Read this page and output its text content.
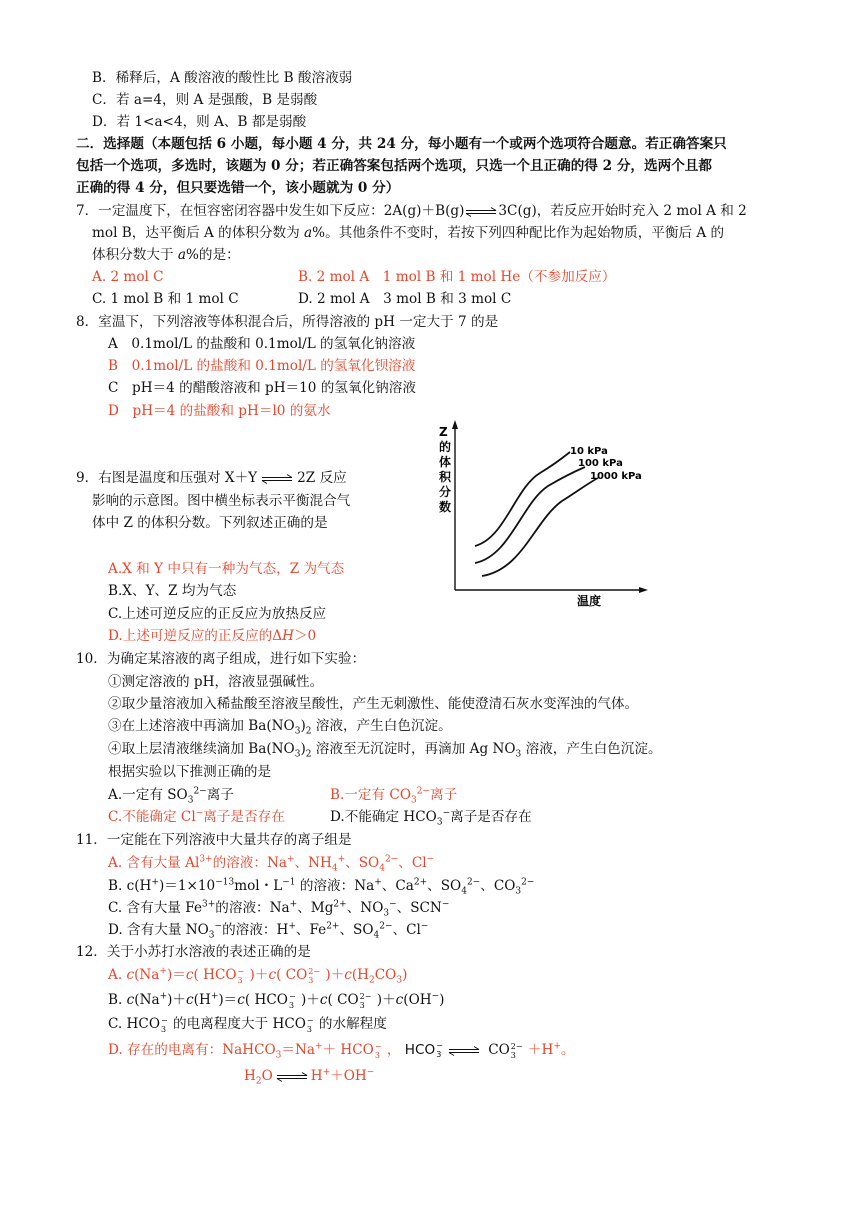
B．稀释后，A 酸溶液的酸性比 B 酸溶液弱
C．若 a=4，则 A 是强酸，B 是弱酸
D．若 1<a<4，则 A、B 都是弱酸
二．选择题（本题包括 6 小题，每小题 4 分，共 24 分，每小题有一个或两个选项符合题意。若正确答案只
包括一个选项，多选时，该题为 0 分；若正确答案包括两个选项，只选一个且正确的得 2 分，选两个且都
正确的得 4 分，但只要选错一个，该小题就为 0 分）
7．一定温度下，在恒容密闭容器中发生如下反应：2A(g)＋B(g)⇌3C(g)，若反应开始时充入 2 mol A 和 2
mol B，达平衡后 A 的体积分数为 a%。其他条件不变时，若按下列四种配比作为起始物质，平衡后 A 的
体积分数大于 a%的是：
A. 2 mol C	B. 2 mol A　1 mol B 和 1 mol He（不参加反应）
C. 1 mol B 和 1 mol C	D. 2 mol A　3 mol B 和 3 mol C
8．室温下，下列溶液等体积混合后，所得溶液的 pH 一定大于 7 的是
A　0.1mol/L 的盐酸和 0.1mol/L 的氢氧化钠溶液
B　0.1mol/L 的盐酸和 0.1mol/L 的氢氧化钡溶液
C　pH＝4 的醋酸溶液和 pH＝10 的氢氧化钠溶液
D　pH＝4 的盐酸和 pH＝l0 的氨水
9．右图是温度和压强对 X＋Y⇌2Z 反应
影响的示意图。图中横坐标表示平衡混合气
体中 Z 的体积分数。下列叙述正确的是
A.X 和 Y 中只有一种为气态，Z 为气态
B.X、Y、Z 均为气态
C.上述可逆反应的正反应为放热反应
D.上述可逆反应的正反应的ΔH＞0
温度
Z 的体积分数
10 kPa
100 kPa
1000 kPa
10．为确定某溶液的离子组成，进行如下实验：
①测定溶液的 pH，溶液显强碱性。
②取少量溶液加入稀盐酸至溶液呈酸性，产生无刺激性、能使澄清石灰水变浑浊的气体。
③在上述溶液中再滴加 $Ba(NO_3)_2$ 溶液，产生白色沉淀。
④取上层清液继续滴加 $Ba(NO_3)_2$ 溶液至无沉淀时，再滴加 Ag $NO_3$ 溶液，产生白色沉淀。
根据实验以下推测正确的是
A.一定有 $SO_3^{2-}$离子	B.一定有 $CO_3^{2-}$离子
C.不能确定 Cl−离子是否存在	D.不能确定 $HCO_3^-$离子是否存在
11．一定能在下列溶液中大量共存的离子组是
A. 含有大量 $Al^{3+}$的溶液：Na+、$NH_4^+$、$SO_4^{2-}$、Cl−
B. $c(H^+)=1\times 10^{-13}mol$・$L^{-1}$ 的溶液：Na+、$Ca^{2+}$、$SO_4^{2-}$、$CO_3^{2-}$
C. 含有大量 $Fe^{3+}$的溶液：Na+、$Mg^{2+}$、$NO_3^-$、SCN−
D. 含有大量 $NO_3^-$的溶液：H+、$Fe^{2+}$、$SO_4^{2-}$、Cl−
12．关于小苏打水溶液的表述正确的是
A. c(Na+)＝c( HCO −
3 )＋c( CO 2−
3 )$+c(H_2CO_3)$
B. c(Na+)＋c(H+)＝c( HCO −
3 )＋c( CO 2−
3 )＋c(OH−)
C. HCO −
3 的电离程度大于 HCO −
3 的水解程度
D. 存在的电离有：NaHCO$_3$＝Na+＋ HCO −
3 ， HCO −
3 ⇌ CO 2−
3 ＋H+。
$H_2O\rightleftharpoons H^++OH^-$
